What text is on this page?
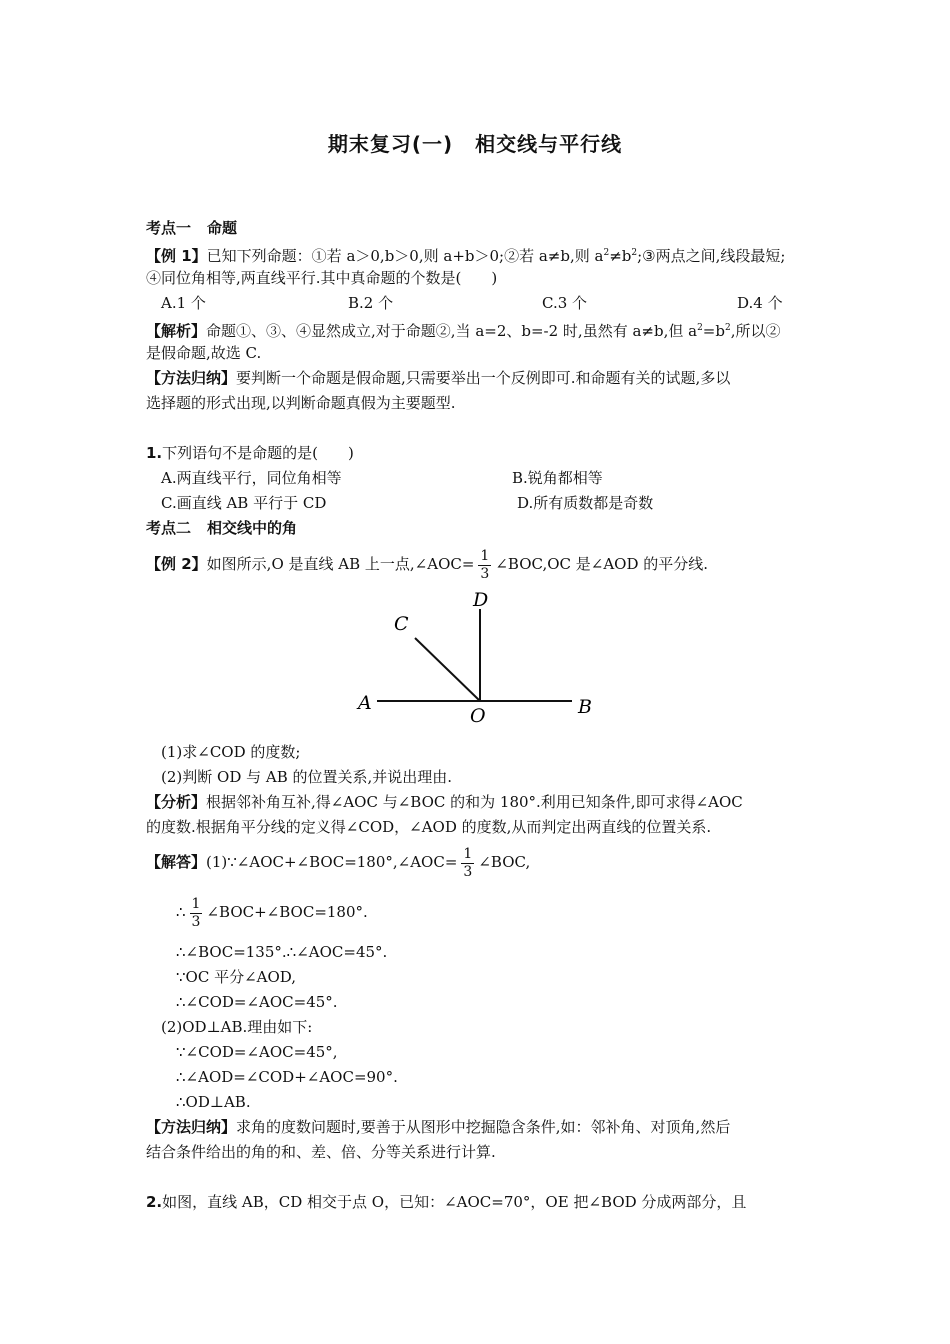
期末复习(一) 相交线与平行线
考点一 命题
【例 1】已知下列命题：①若 a＞0,b＞0,则 a+b＞0;②若 a≠b,则 $a^2\ne b^2;③$两点之间,线段最短;
④同位角相等,两直线平行.其中真命题的个数是(　　)
A.1 个	B.2 个	C.3 个	D.4 个
【解析】命题①、③、④显然成立,对于命题②,当 a=2、b=-2 时,虽然有 a≠b,但 $a^2=b^2$,所以②
是假命题,故选 C.
【方法归纳】要判断一个命题是假命题,只需要举出一个反例即可.和命题有关的试题,多以
选择题的形式出现,以判断命题真假为主要题型.
1.下列语句不是命题的是(　　)
A.两直线平行，同位角相等	B.锐角都相等
C.画直线 AB 平行于 CD	D.所有质数都是奇数
考点二 相交线中的角
【例 2】如图所示,O 是直线 AB 上一点,∠AOC= $\frac{1}{3}$ ∠BOC,OC 是∠AOD 的平分线.
A	B
C
D
O
(1)求∠COD 的度数;
(2)判断 OD 与 AB 的位置关系,并说出理由.
【分析】根据邻补角互补,得∠AOC 与∠BOC 的和为 180°.利用已知条件,即可求得∠AOC
的度数.根据角平分线的定义得∠COD，∠AOD 的度数,从而判定出两直线的位置关系.
【解答】(1)∵∠AOC+∠BOC=180°,∠AOC= $\frac{1}{3}$ ∠BOC,
∴ $\frac{1}{3}$ ∠BOC+∠BOC=180°.
∴∠BOC=135°.∴∠AOC=45°.
∵OC 平分∠AOD,
∴∠COD=∠AOC=45°.
(2)OD⊥AB.理由如下:
∵∠COD=∠AOC=45°,
∴∠AOD=∠COD+∠AOC=90°.
∴OD⊥AB.
【方法归纳】求角的度数问题时,要善于从图形中挖掘隐含条件,如：邻补角、对顶角,然后
结合条件给出的角的和、差、倍、分等关系进行计算.
2.如图，直线 AB，CD 相交于点 O，已知：∠AOC=70°，OE 把∠BOD 分成两部分，且
